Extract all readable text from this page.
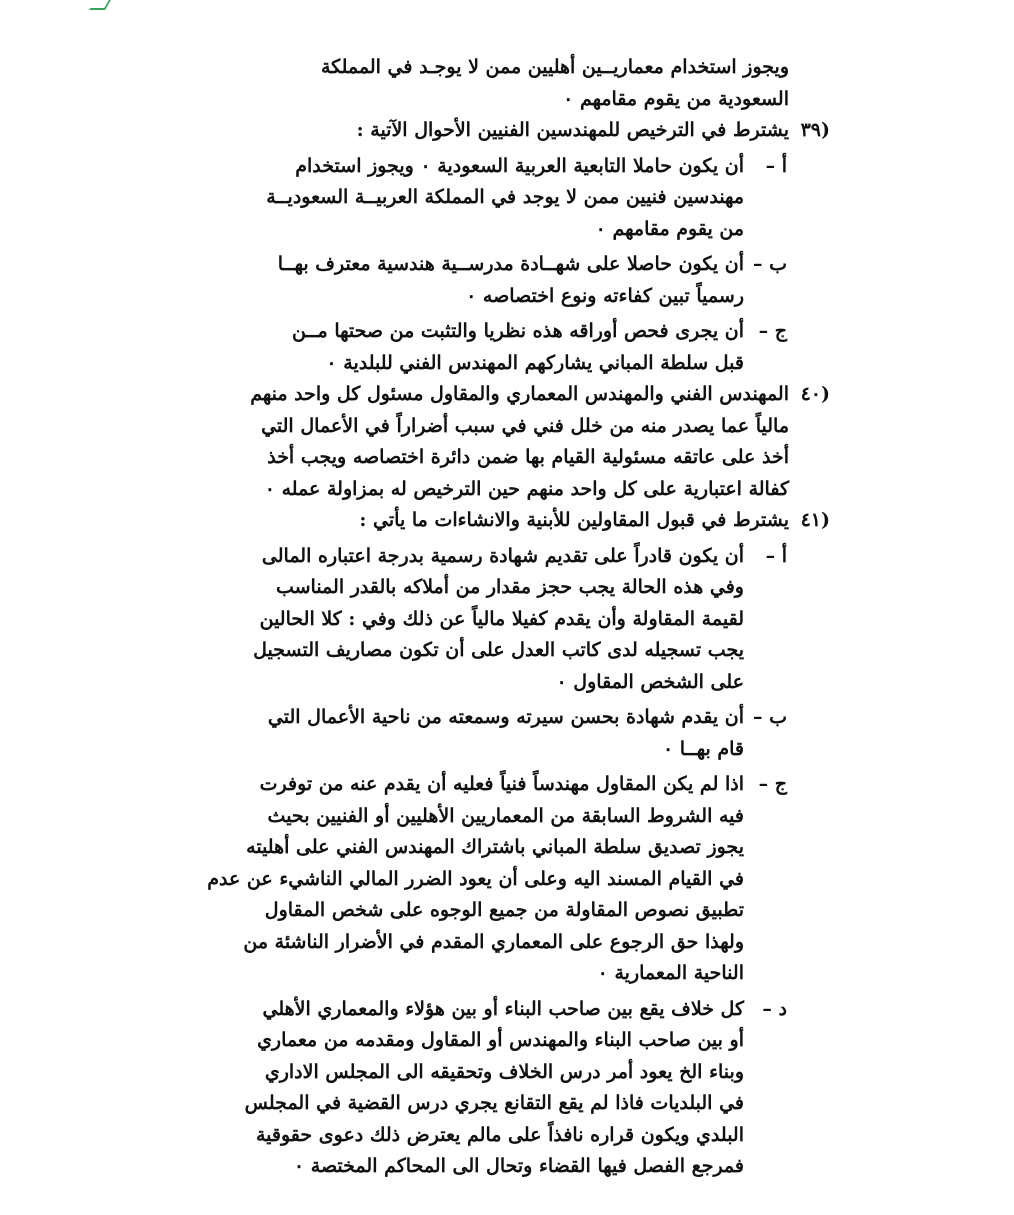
ويجوز استخدام معماريــين أهليين ممن لا يوجـد في المملكة
السعودية من يقوم مقامهم ٠
(٣٩
يشترط في الترخيص للمهندسين الفنيين الأحوال الآتية :
أ –
أن يكون حاملا التابعية العربية السعودية ٠ ويجوز استخدام
مهندسين فنيين ممن لا يوجد في المملكة العربيــة السعوديــة
من يقوم مقامهم ٠
ب –
أن يكون حاصلا على شهــادة مدرســية هندسية معترف بهــا
رسمياً تبين كفاءته ونوع اختصاصه ٠
ج –
أن يجرى فحص أوراقه هذه نظريا والتثبت من صحتها مــن
قبل سلطة المباني يشاركهم المهندس الفني للبلدية ٠
(٤٠
المهندس الفني والمهندس المعماري والمقاول مسئول كل واحد منهم
مالياً عما يصدر منه من خلل فني في سبب أضراراً في الأعمال التي
أخذ على عاتقه مسئولية القيام بها ضمن دائرة اختصاصه ويجب أخذ
كفالة اعتبارية على كل واحد منهم حين الترخيص له بمزاولة عمله ٠
(٤١
يشترط في قبول المقاولين للأبنية والانشاءات ما يأتي :
أ –
أن يكون قادراً على تقديم شهادة رسمية بدرجة اعتباره المالى
وفي هذه الحالة يجب حجز مقدار من أملاكه بالقدر المناسب
لقيمة المقاولة وأن يقدم كفيلا مالياً عن ذلك وفي : كلا الحالين
يجب تسجيله لدى كاتب العدل على أن تكون مصاريف التسجيل
على الشخص المقاول ٠
ب –
أن يقدم شهادة بحسن سيرته وسمعته من ناحية الأعمال التي
قام بهــا ٠
ج –
اذا لم يكن المقاول مهندساً فنياً فعليه أن يقدم عنه من توفرت
فيه الشروط السابقة من المعماريين الأهليين أو الفنيين بحيث
يجوز تصديق سلطة المباني باشتراك المهندس الفني على أهليته
في القيام المسند اليه وعلى أن يعود الضرر المالي الناشيء عن عدم
تطبيق نصوص المقاولة من جميع الوجوه على شخص المقاول
ولهذا حق الرجوع على المعماري المقدم في الأضرار الناشئة من
الناحية المعمارية ٠
د –
كل خلاف يقع بين صاحب البناء أو بين هؤلاء والمعماري الأهلي
أو بين صاحب البناء والمهندس أو المقاول ومقدمه من معماري
وبناء الخ يعود أمر درس الخلاف وتحقيقه الى المجلس الاداري
في البلديات فاذا لم يقع التقانع يجري درس القضية في المجلس
البلدي ويكون قراره نافذاً على مالم يعترض ذلك دعوى حقوقية
فمرجع الفصل فيها القضاء وتحال الى المحاكم المختصة ٠
